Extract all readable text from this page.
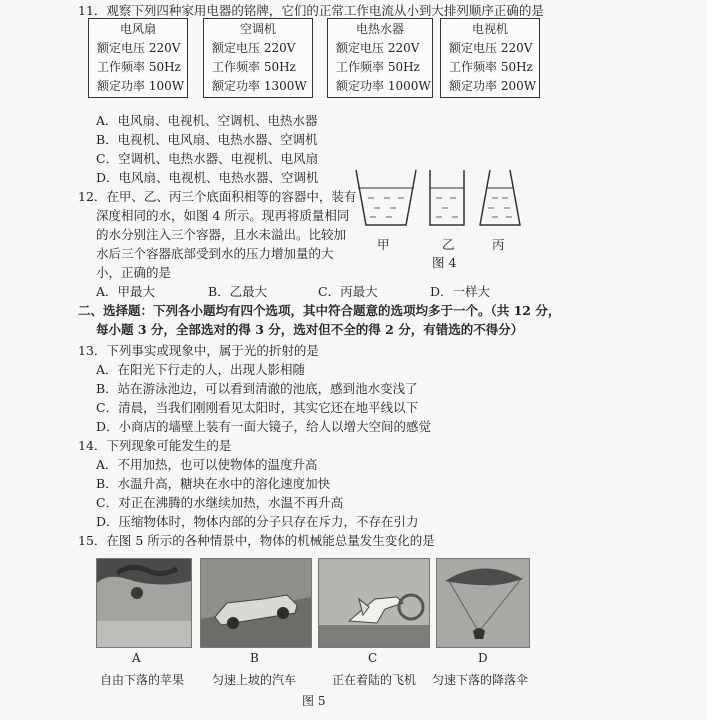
11．观察下列四种家用电器的铭牌，它们的正常工作电流从小到大排列顺序正确的是
电风扇
额定电压 220V
工作频率 50Hz
额定功率 100W
空调机
额定电压 220V
工作频率 50Hz
额定功率 1300W
电热水器
额定电压 220V
工作频率 50Hz
额定功率 1000W
电视机
额定电压 220V
工作频率 50Hz
额定功率 200W
A．电风扇、电视机、空调机、电热水器
B．电视机、电风扇、电热水器、空调机
C．空调机、电热水器、电视机、电风扇
D．电风扇、电视机、电热水器、空调机
12．在甲、乙、丙三个底面积相等的容器中，装有
深度相同的水，如图 4 所示。现再将质量相同
的水分别注入三个容器，且水未溢出。比较加
水后三个容器底部受到水的压力增加量的大
小，正确的是
甲	乙	丙
图 4
A．甲最大	B．乙最大	C．丙最大	D．一样大
二、选择题：下列各小题均有四个选项，其中符合题意的选项均多于一个。（共 12 分，
每小题 3 分，全部选对的得 3 分，选对但不全的得 2 分，有错选的不得分）
13．下列事实或现象中，属于光的折射的是
A．在阳光下行走的人，出现人影相随
B．站在游泳池边，可以看到清澈的池底，感到池水变浅了
C．清晨，当我们刚刚看见太阳时，其实它还在地平线以下
D．小商店的墙壁上装有一面大镜子，给人以增大空间的感觉
14．下列现象可能发生的是
A．不用加热，也可以使物体的温度升高
B．水温升高，糖块在水中的溶化速度加快
C．对正在沸腾的水继续加热，水温不再升高
D．压缩物体时，物体内部的分子只存在斥力，不存在引力
15．在图 5 所示的各种情景中，物体的机械能总量发生变化的是
A	B	C	D
自由下落的苹果 匀速上坡的汽车	正在着陆的飞机 匀速下落的降落伞
图 5
